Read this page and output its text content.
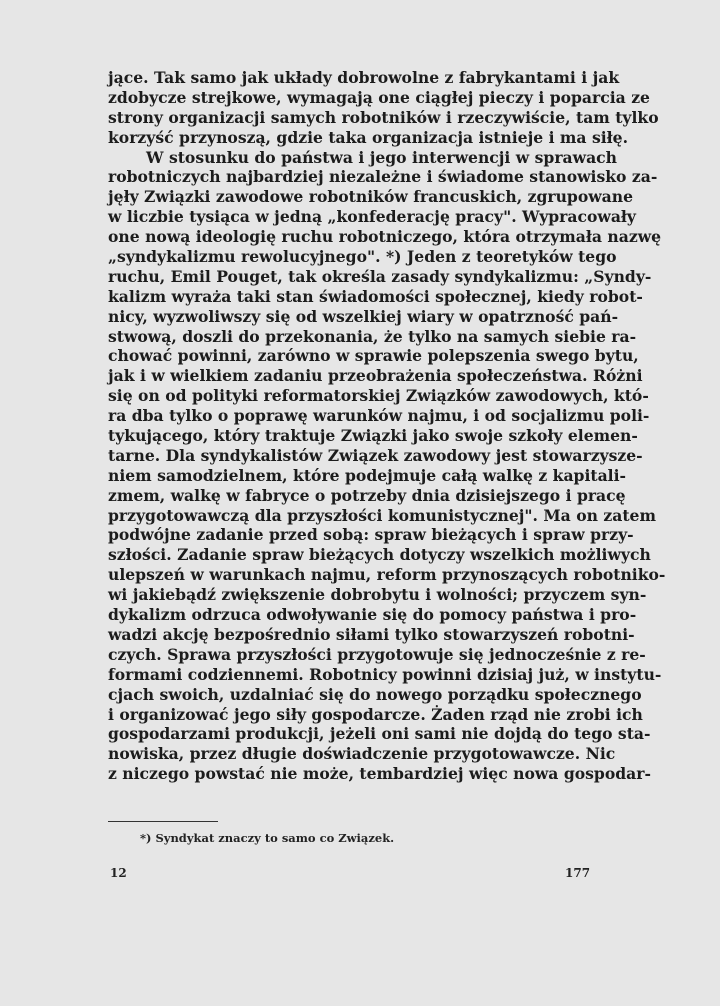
jące. Tak samo jak układy dobrowolne z fabrykantami i jak
zdobycze strejkowe, wymagają one ciągłej pieczy i poparcia ze
strony organizacji samych robotników i rzeczywiście, tam tylko
korzyść przynoszą, gdzie taka organizacja istnieje i ma siłę.
W stosunku do państwa i jego interwencji w sprawach
robotniczych najbardziej niezależne i świadome stanowisko za-
jęły Związki zawodowe robotników francuskich, zgrupowane
w liczbie tysiąca w jedną „konfederację pracy". Wypracowały
one nową ideologię ruchu robotniczego, która otrzymała nazwę
„syndykalizmu rewolucyjnego". *) Jeden z teoretyków tego
ruchu, Emil Pouget, tak określa zasady syndykalizmu: „Syndy-
kalizm wyraża taki stan świadomości społecznej, kiedy robot-
nicy, wyzwoliwszy się od wszelkiej wiary w opatrzność pań-
stwową, doszli do przekonania, że tylko na samych siebie ra-
chować powinni, zarówno w sprawie polepszenia swego bytu,
jak i w wielkiem zadaniu przeobrażenia społeczeństwa. Różni
się on od polityki reformatorskiej Związków zawodowych, któ-
ra dba tylko o poprawę warunków najmu, i od socjalizmu poli-
tykującego, który traktuje Związki jako swoje szkoły elemen-
tarne. Dla syndykalistów Związek zawodowy jest stowarzysze-
niem samodzielnem, które podejmuje całą walkę z kapitali-
zmem, walkę w fabryce o potrzeby dnia dzisiejszego i pracę
przygotowawczą dla przyszłości komunistycznej". Ma on zatem
podwójne zadanie przed sobą: spraw bieżących i spraw przy-
szłości. Zadanie spraw bieżących dotyczy wszelkich możliwych
ulepszeń w warunkach najmu, reform przynoszących robotniko-
wi jakiebądź zwiększenie dobrobytu i wolności; przyczem syn-
dykalizm odrzuca odwoływanie się do pomocy państwa i pro-
wadzi akcję bezpośrednio siłami tylko stowarzyszeń robotni-
czych. Sprawa przyszłości przygotowuje się jednocześnie z re-
formami codziennemi. Robotnicy powinni dzisiaj już, w instytu-
cjach swoich, uzdalniać się do nowego porządku społecznego
i organizować jego siły gospodarcze. Żaden rząd nie zrobi ich
gospodarzami produkcji, jeżeli oni sami nie dojdą do tego sta-
nowiska, przez długie doświadczenie przygotowawcze. Nic
z niczego powstać nie może, tembardziej więc nowa gospodar-
*) Syndykat znaczy to samo co Związek.
12	177
